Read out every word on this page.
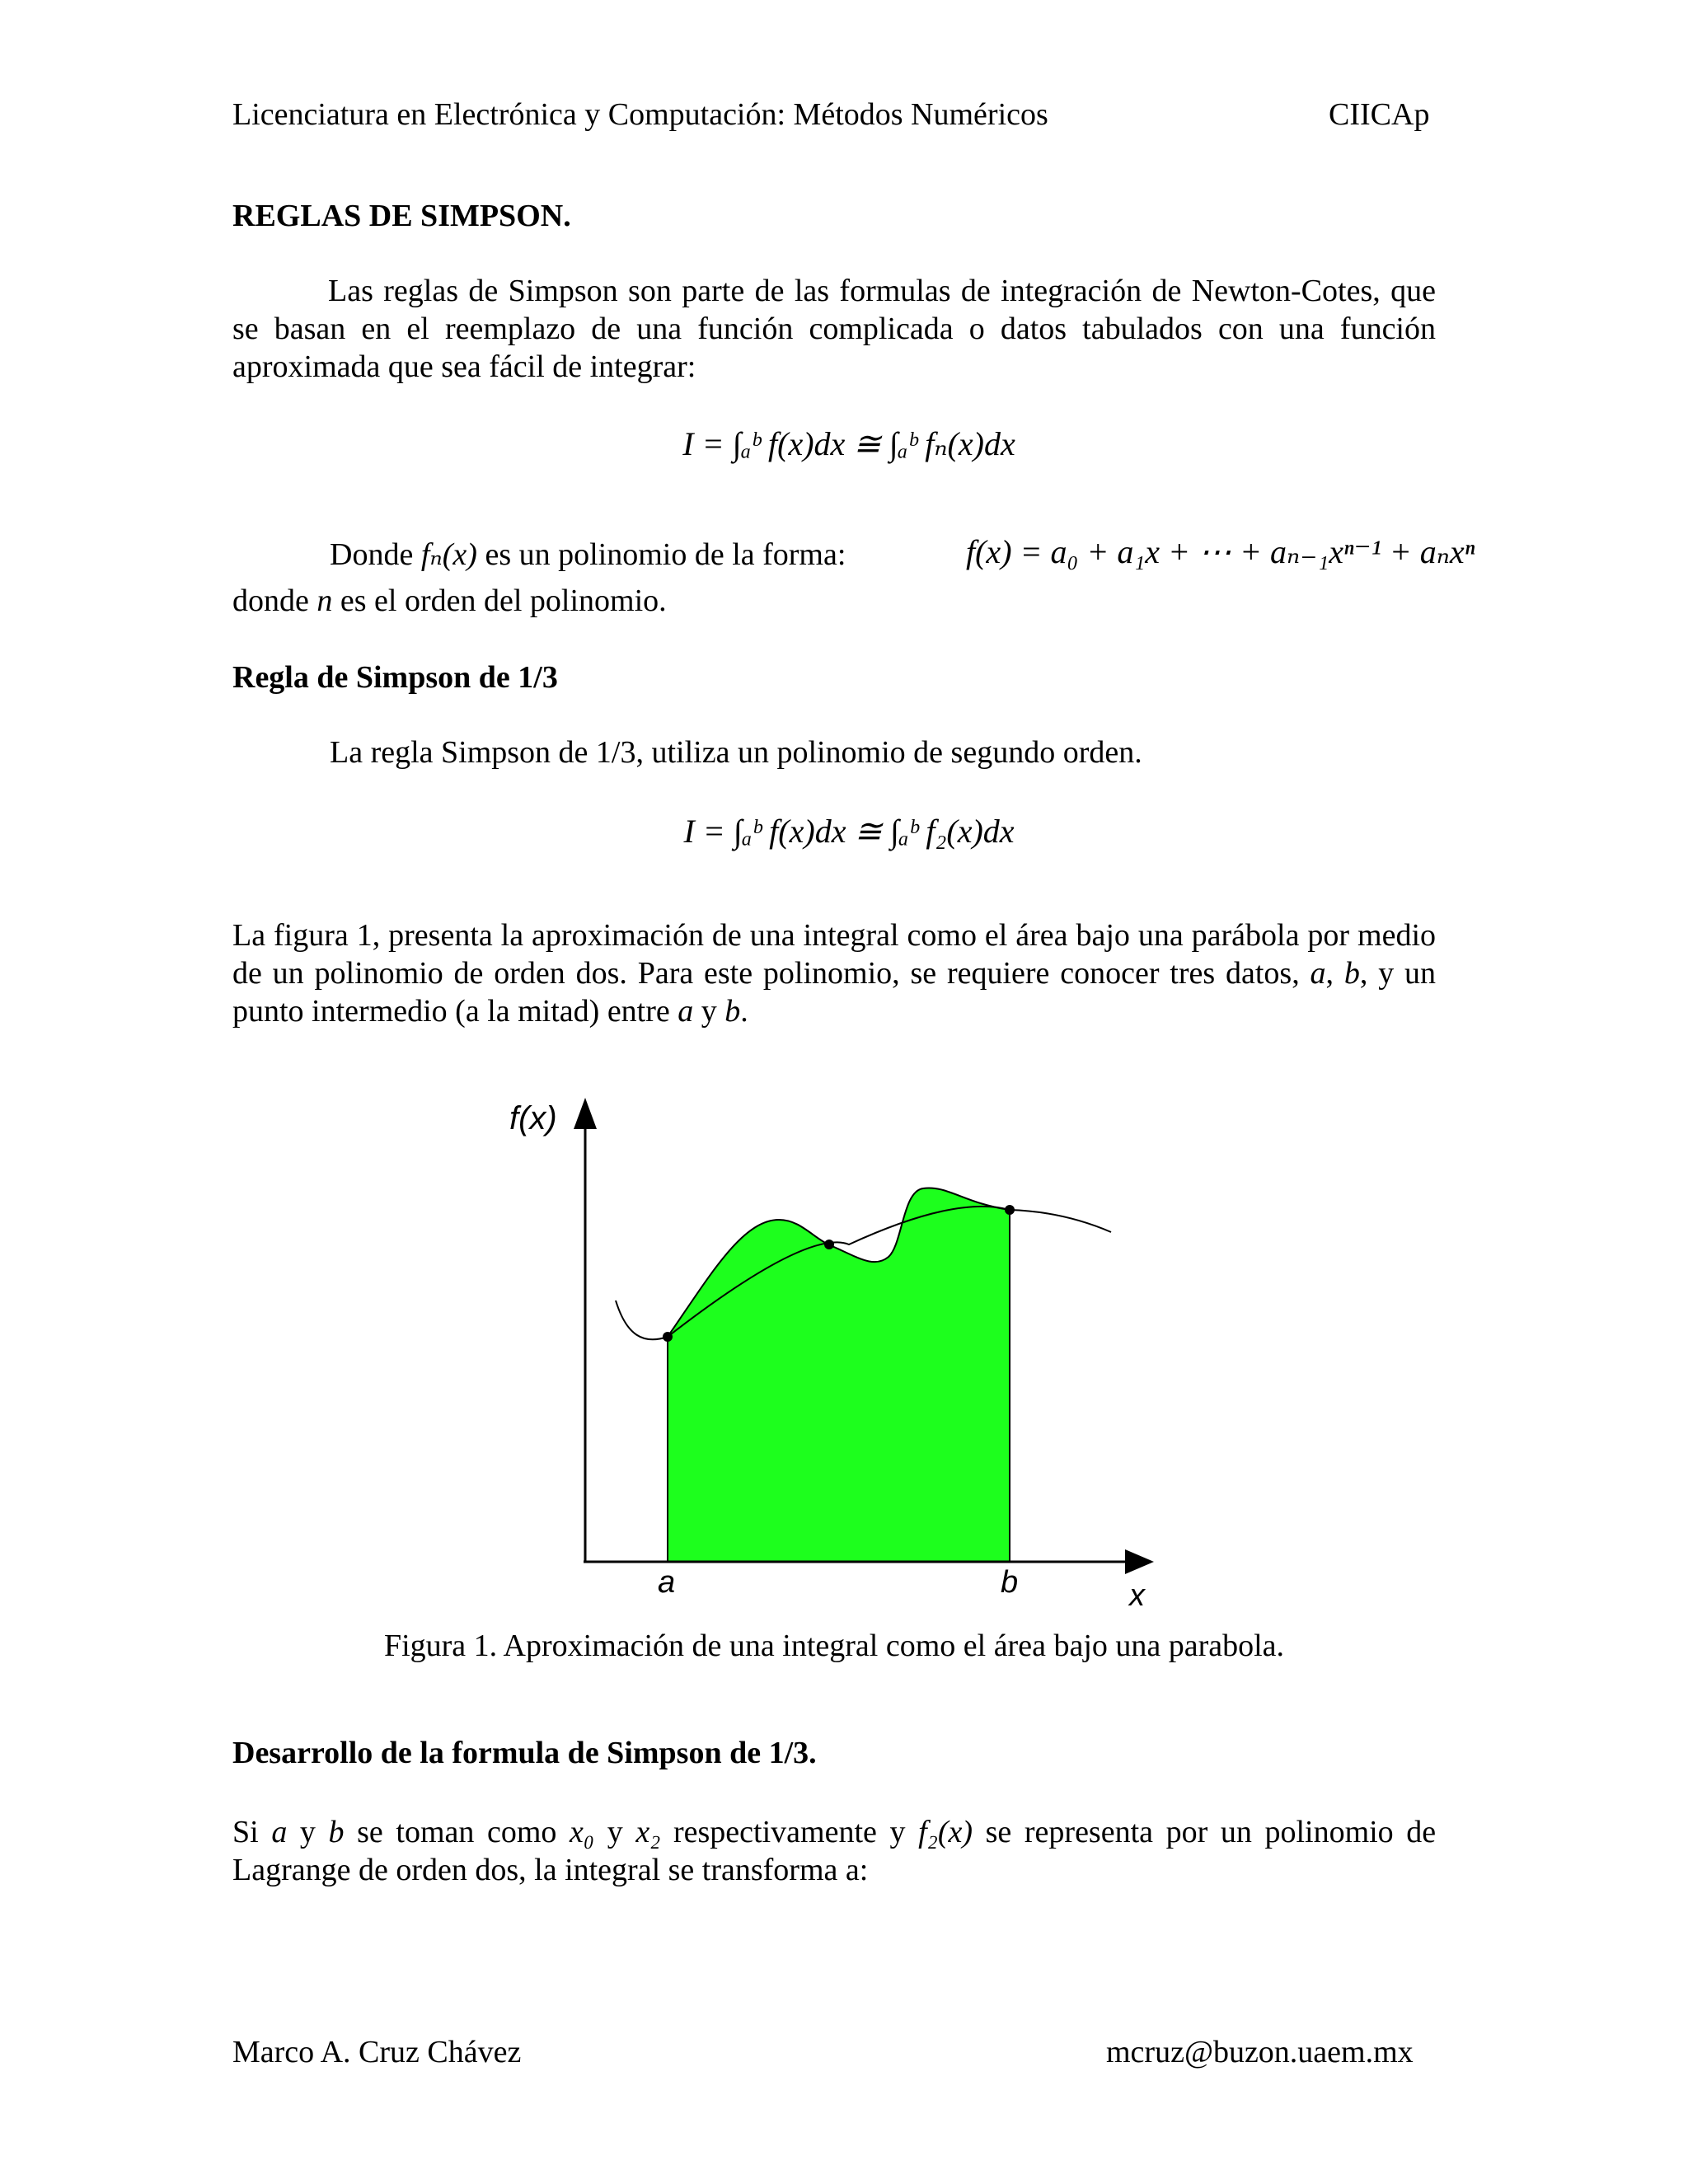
Licenciatura en Electrónica y Computación: Métodos Numéricos	CIICAp
REGLAS DE SIMPSON.
Las reglas de Simpson son parte de las formulas de integración de Newton-Cotes, que se basan en el reemplazo de una función complicada o datos tabulados con una función aproximada que sea fácil de integrar:
I = ∫ₐᵇ f(x)dx ≅ ∫ₐᵇ fₙ(x)dx
Donde fₙ(x) es un polinomio de la forma:	f(x) = a₀ + a₁x + ⋯ + aₙ₋₁xⁿ⁻¹ + aₙxⁿ
donde n es el orden del polinomio.
Regla de Simpson de 1/3
La regla Simpson de 1/3, utiliza un polinomio de segundo orden.
I = ∫ₐᵇ f(x)dx ≅ ∫ₐᵇ f₂(x)dx
La figura 1, presenta la aproximación de una integral como el área bajo una parábola por medio de un polinomio de orden dos. Para este polinomio, se requiere conocer tres datos, a, b, y un punto intermedio (a la mitad) entre a y b.
f(x)
x
a	b
Figura 1. Aproximación de una integral como el área bajo una parabola.
Desarrollo de la formula de Simpson de 1/3.
Si a y b se toman como x₀ y x₂ respectivamente y f₂(x) se representa por un polinomio de Lagrange de orden dos, la integral se transforma a:
Marco A. Cruz Chávez	mcruz@buzon.uaem.mx
